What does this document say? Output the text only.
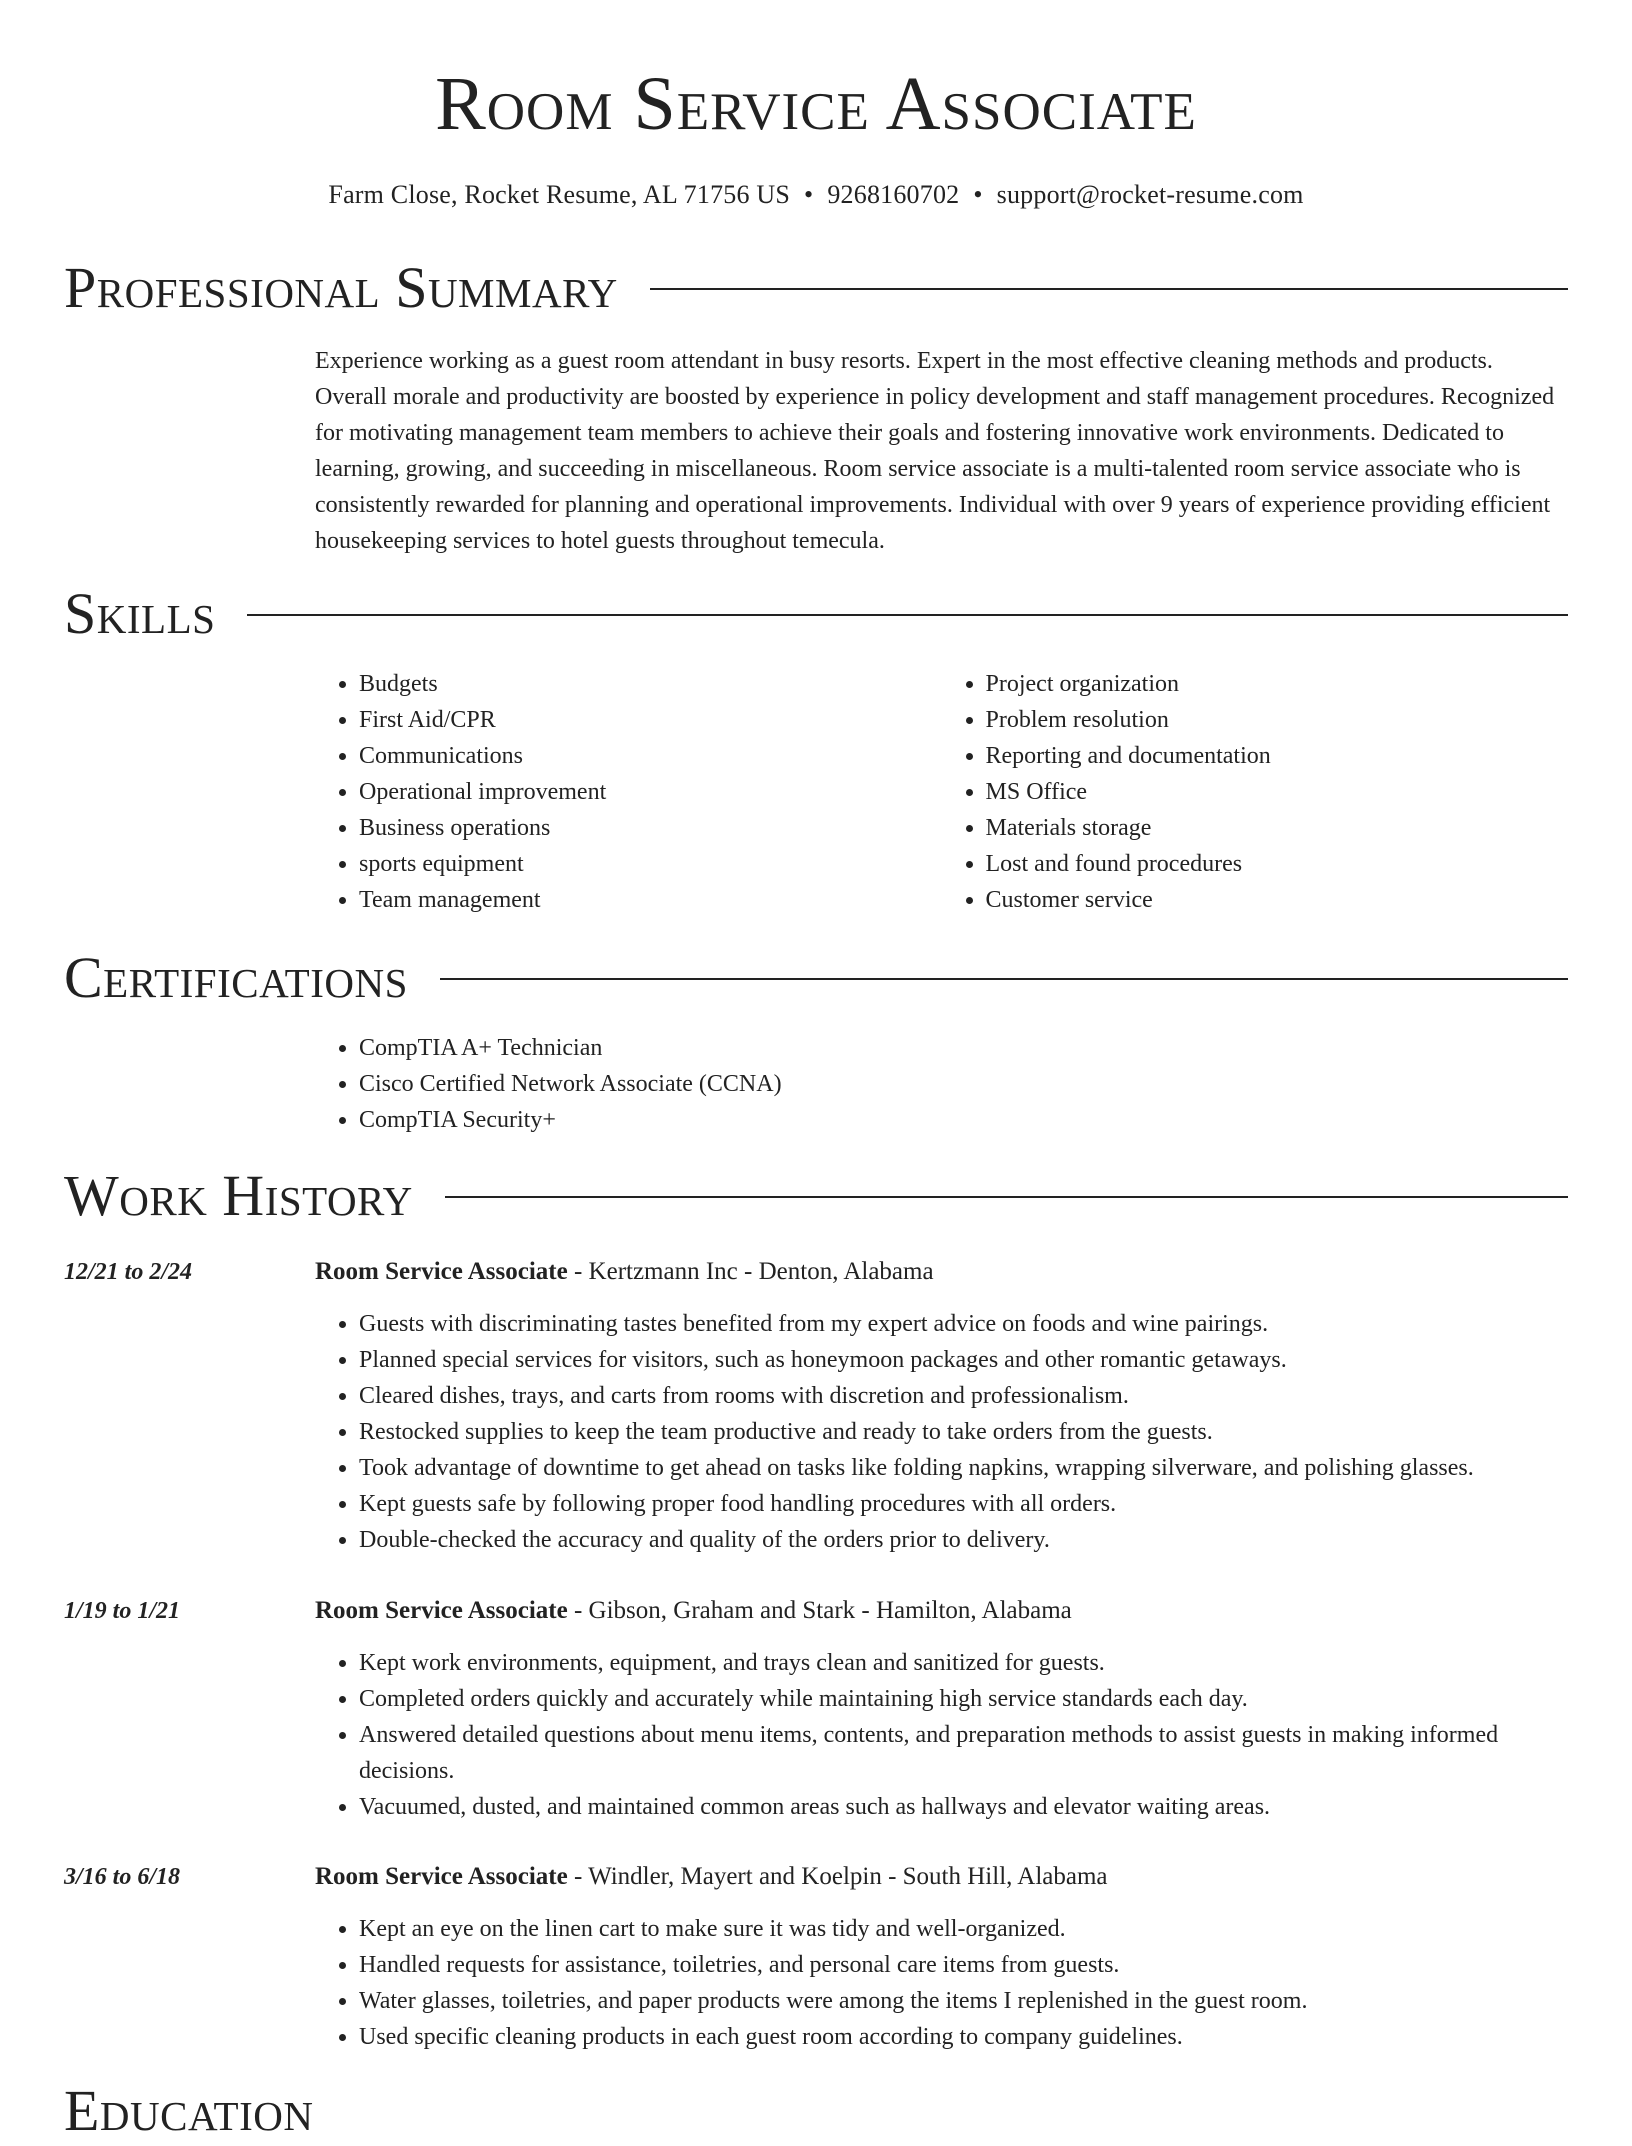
Room Service Associate
Farm Close, Rocket Resume, AL 71756 US • 9268160702 • support@rocket-resume.com
Professional Summary

Experience working as a guest room attendant in busy resorts. Expert in the most effective cleaning methods and products. Overall morale and productivity are boosted by experience in policy development and staff management procedures. Recognized for motivating management team members to achieve their goals and fostering innovative work environments. Dedicated to learning, growing, and succeeding in miscellaneous. Room service associate is a multi-talented room service associate who is consistently rewarded for planning and operational improvements. Individual with over 9 years of experience providing efficient housekeeping services to hotel guests throughout temecula.

Skills
• Budgets
• First Aid/CPR
• Communications
• Operational improvement
• Business operations
• sports equipment
• Team management
• Project organization
• Problem resolution
• Reporting and documentation
• MS Office
• Materials storage
• Lost and found procedures
• Customer service
Certifications
• CompTIA A+ Technician
• Cisco Certified Network Associate (CCNA)
• CompTIA Security+
Work History
12/21 to 2/24	Room Service Associate - Kertzmann Inc - Denton, Alabama
• Guests with discriminating tastes benefited from my expert advice on foods and wine pairings.
• Planned special services for visitors, such as honeymoon packages and other romantic getaways.
• Cleared dishes, trays, and carts from rooms with discretion and professionalism.
• Restocked supplies to keep the team productive and ready to take orders from the guests.
• Took advantage of downtime to get ahead on tasks like folding napkins, wrapping silverware, and polishing glasses.
• Kept guests safe by following proper food handling procedures with all orders.
• Double-checked the accuracy and quality of the orders prior to delivery.
1/19 to 1/21	Room Service Associate - Gibson, Graham and Stark - Hamilton, Alabama
• Kept work environments, equipment, and trays clean and sanitized for guests.
• Completed orders quickly and accurately while maintaining high service standards each day.
• Answered detailed questions about menu items, contents, and preparation methods to assist guests in making informed decisions.
• Vacuumed, dusted, and maintained common areas such as hallways and elevator waiting areas.
3/16 to 6/18	Room Service Associate - Windler, Mayert and Koelpin - South Hill, Alabama
• Kept an eye on the linen cart to make sure it was tidy and well-organized.
• Handled requests for assistance, toiletries, and personal care items from guests.
• Water glasses, toiletries, and paper products were among the items I replenished in the guest room.
• Used specific cleaning products in each guest room according to company guidelines.
Education
